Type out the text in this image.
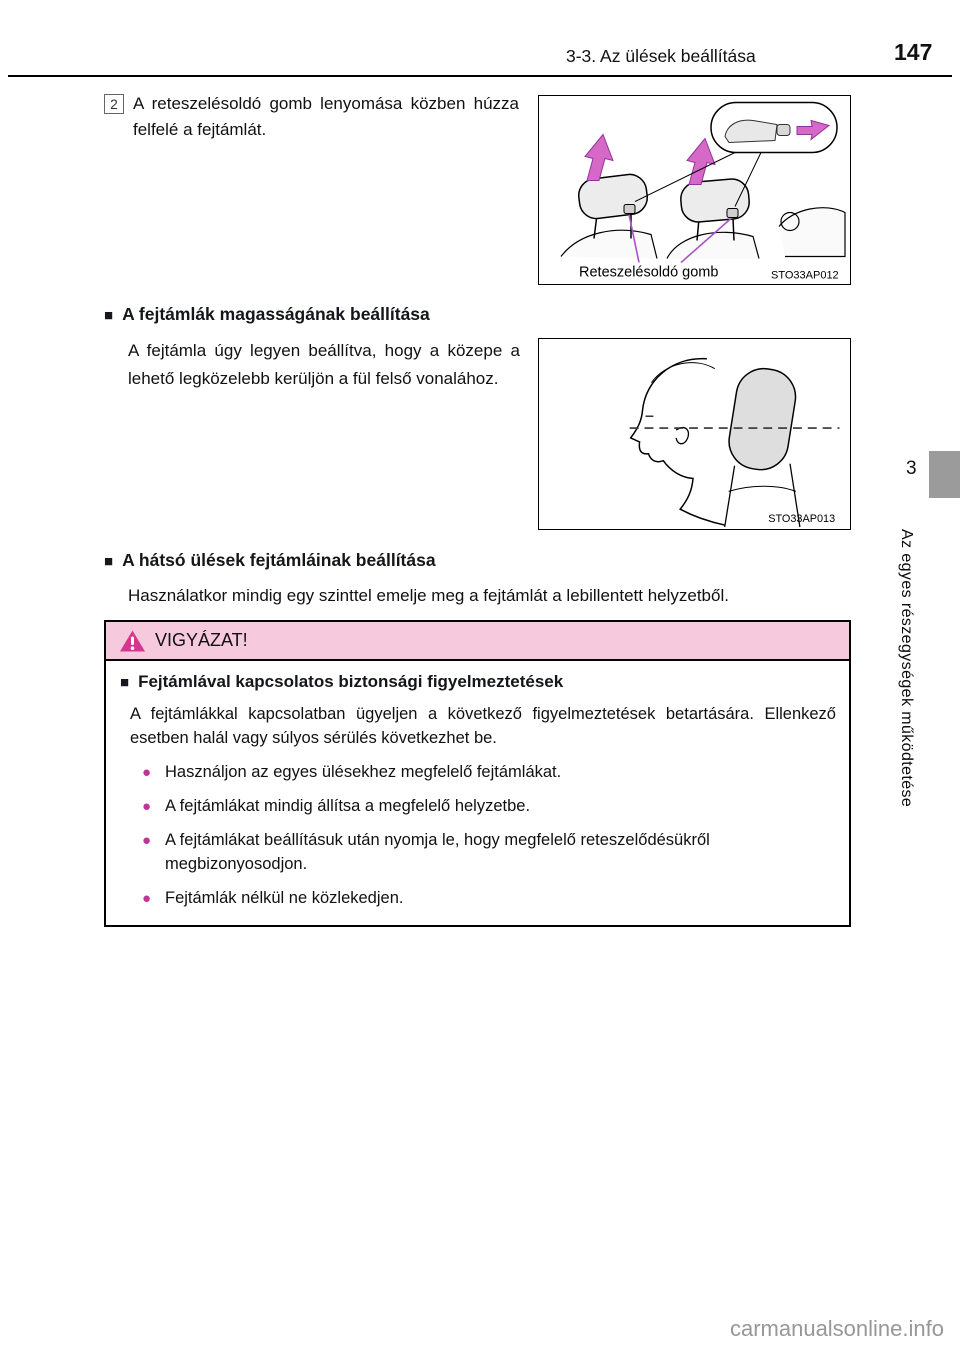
3-3. Az ülések beállítása	147
2 A reteszelésoldó gomb lenyomása közben húzza felfelé a fejtámlát.

Reteszelésoldó gomb	STO33AP012
■
A fejtámlák magasságának beállítása

A fejtámla úgy legyen beállítva, hogy a közepe a lehető legközelebb kerüljön a fül felső vonalához.

STO33AP013
■
A hátsó ülések fejtámláinak beállítása

Használatkor mindig egy szinttel emelje meg a fejtámlát a lebillentett helyzetből.

VIGYÁZAT!
■
Fejtámlával kapcsolatos biztonsági figyelmeztetések

A fejtámlákkal kapcsolatban ügyeljen a következő figyelmeztetések betartására. Ellenkező esetben halál vagy súlyos sérülés következhet be.

●
Használjon az egyes ülésekhez megfelelő fejtámlákat.
●
A fejtámlákat mindig állítsa a megfelelő helyzetbe.
●
A fejtámlákat beállításuk után nyomja le, hogy megfelelő reteszelődésükről megbizonyosodjon.
●
Fejtámlák nélkül ne közlekedjen.
3
Az egyes részegységek működtetése
carmanualsonline.info
